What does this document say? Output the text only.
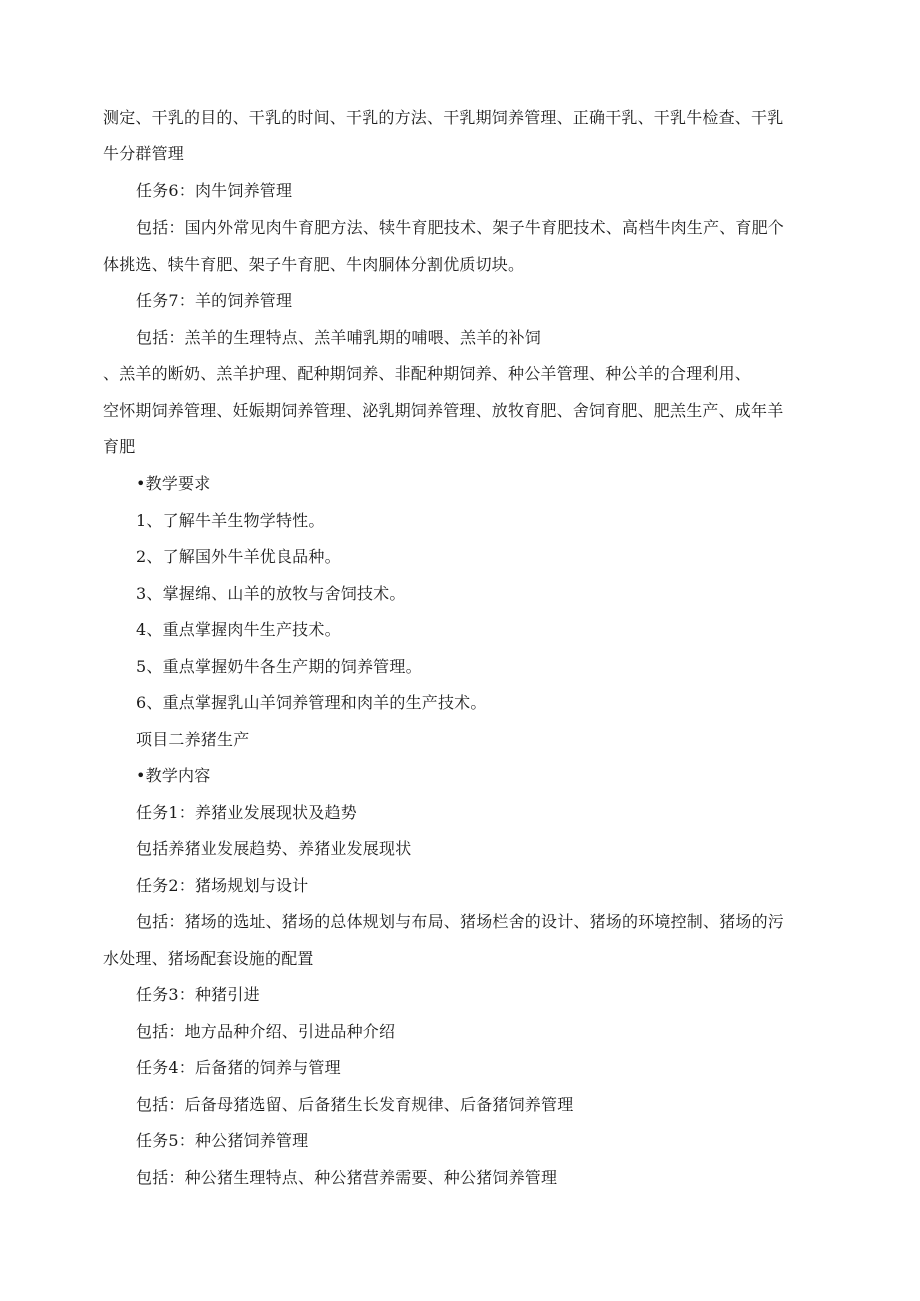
测定、干乳的目的、干乳的时间、干乳的方法、干乳期饲养管理、正确干乳、干乳牛检查、干乳
牛分群管理
任务6：肉牛饲养管理
包括：国内外常见肉牛育肥方法、犊牛育肥技术、架子牛育肥技术、高档牛肉生产、育肥个
体挑选、犊牛育肥、架子牛育肥、牛肉胴体分割优质切块。
任务7：羊的饲养管理
包括：羔羊的生理特点、羔羊哺乳期的哺喂、羔羊的补饲
、羔羊的断奶、羔羊护理、配种期饲养、非配种期饲养、种公羊管理、种公羊的合理利用、
空怀期饲养管理、妊娠期饲养管理、泌乳期饲养管理、放牧育肥、舍饲育肥、肥羔生产、成年羊
育肥
•教学要求
1、了解牛羊生物学特性。
2、了解国外牛羊优良品种。
3、掌握绵、山羊的放牧与舍饲技术。
4、重点掌握肉牛生产技术。
5、重点掌握奶牛各生产期的饲养管理。
6、重点掌握乳山羊饲养管理和肉羊的生产技术。
项目二养猪生产
•教学内容
任务1：养猪业发展现状及趋势
包括养猪业发展趋势、养猪业发展现状
任务2：猪场规划与设计
包括：猪场的选址、猪场的总体规划与布局、猪场栏舍的设计、猪场的环境控制、猪场的污
水处理、猪场配套设施的配置
任务3：种猪引进
包括：地方品种介绍、引进品种介绍
任务4：后备猪的饲养与管理
包括：后备母猪选留、后备猪生长发育规律、后备猪饲养管理
任务5：种公猪饲养管理
包括：种公猪生理特点、种公猪营养需要、种公猪饲养管理
